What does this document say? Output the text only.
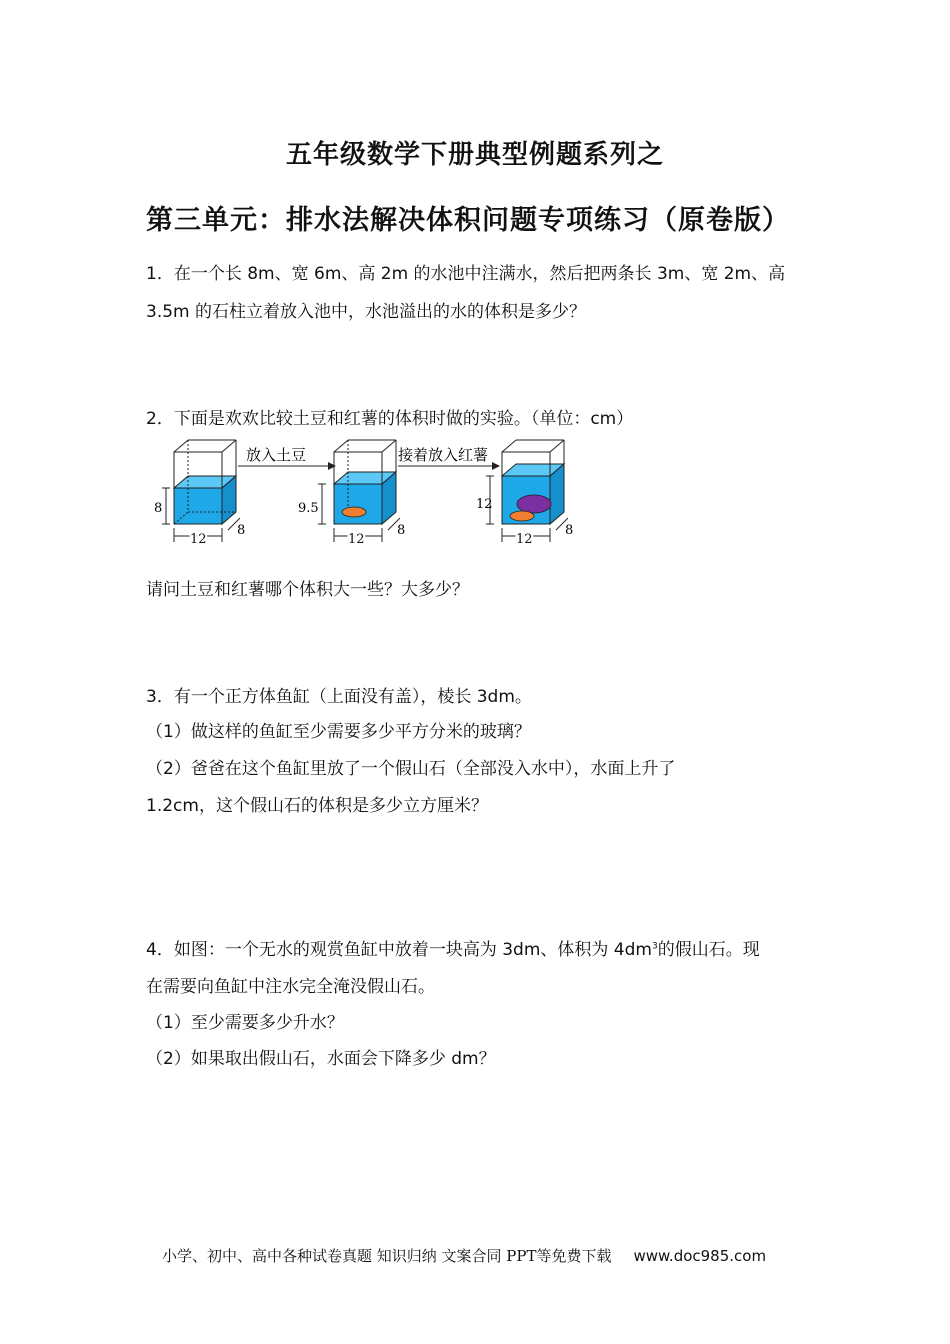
五年级数学下册典型例题系列之
第三单元：排水法解决体积问题专项练习（原卷版）
1．在一个长 8m、宽 6m、高 2m 的水池中注满水，然后把两条长 3m、宽 2m、高
3.5m 的石柱立着放入池中，水池溢出的水的体积是多少？
2．下面是欢欢比较土豆和红薯的体积时做的实验。（单位：cm）
8
12
8
放入土豆
9.5
12
8
接着放入红薯
12
12
8
请问土豆和红薯哪个体积大一些？大多少？
3．有一个正方体鱼缸（上面没有盖），棱长 3dm。
（1）做这样的鱼缸至少需要多少平方分米的玻璃？
（2）爸爸在这个鱼缸里放了一个假山石（全部没入水中），水面上升了
1.2cm，这个假山石的体积是多少立方厘米？
4．如图：一个无水的观赏鱼缸中放着一块高为 3dm、体积为 $4dm^3$的假山石。现
在需要向鱼缸中注水完全淹没假山石。
（1）至少需要多少升水？
（2）如果取出假山石，水面会下降多少 dm？
小学、初中、高中各种试卷真题 知识归纳 文案合同 PPT等免费下载 www.doc985.com
